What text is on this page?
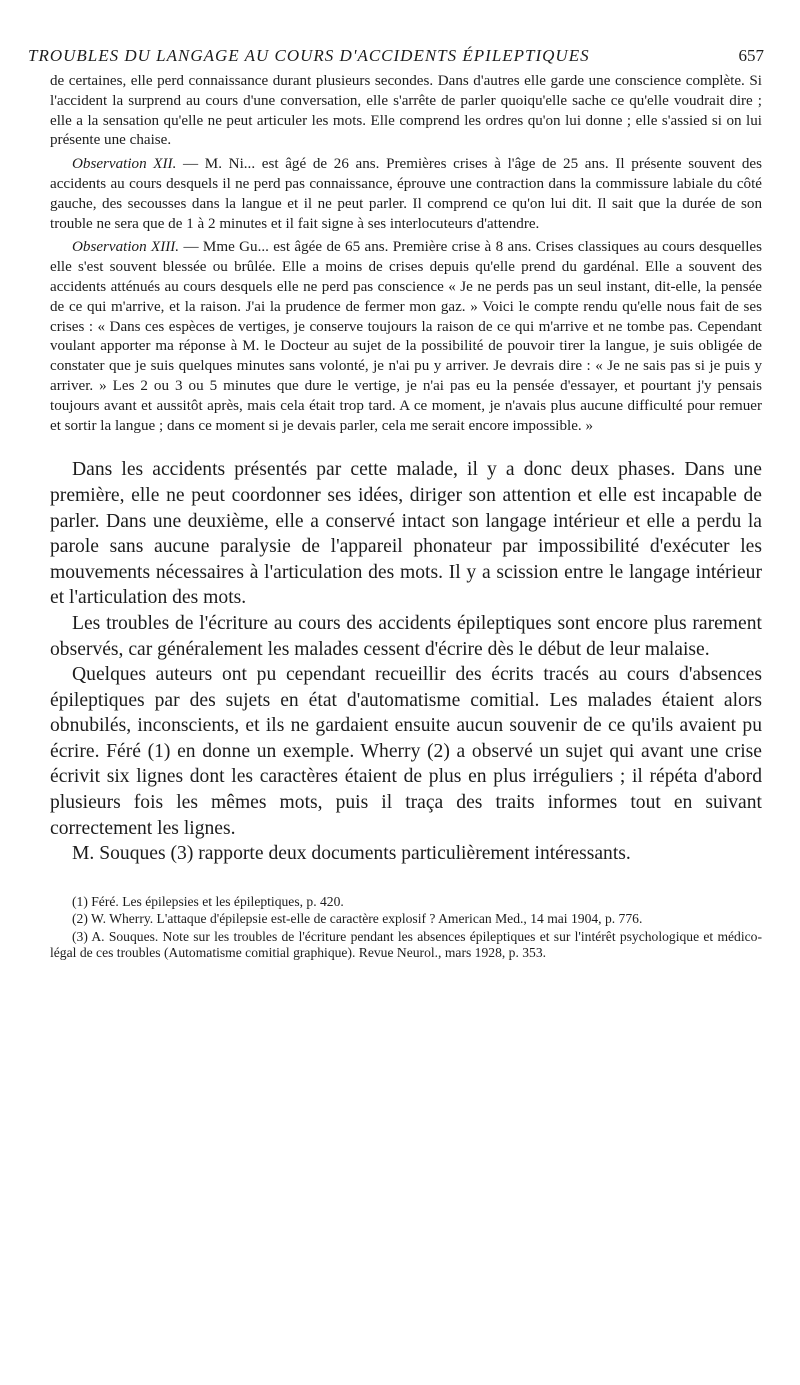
TROUBLES DU LANGAGE AU COURS D'ACCIDENTS ÉPILEPTIQUES	657

de certaines, elle perd connaissance durant plusieurs secondes. Dans d'autres elle garde une conscience complète. Si l'accident la surprend au cours d'une conversation, elle s'arrête de parler quoiqu'elle sache ce qu'elle voudrait dire ; elle a la sensation qu'elle ne peut articuler les mots. Elle comprend les ordres qu'on lui donne ; elle s'assied si on lui présente une chaise.

Observation XII. — M. Ni... est âgé de 26 ans. Premières crises à l'âge de 25 ans. Il présente souvent des accidents au cours desquels il ne perd pas connaissance, éprouve une contraction dans la commissure labiale du côté gauche, des secousses dans la langue et il ne peut parler. Il comprend ce qu'on lui dit. Il sait que la durée de son trouble ne sera que de 1 à 2 minutes et il fait signe à ses interlocuteurs d'attendre.

Observation XIII. — Mme Gu... est âgée de 65 ans. Première crise à 8 ans. Crises classiques au cours desquelles elle s'est souvent blessée ou brûlée. Elle a moins de crises depuis qu'elle prend du gardénal. Elle a souvent des accidents atténués au cours desquels elle ne perd pas conscience « Je ne perds pas un seul instant, dit-elle, la pensée de ce qui m'arrive, et la raison. J'ai la prudence de fermer mon gaz. » Voici le compte rendu qu'elle nous fait de ses crises : « Dans ces espèces de vertiges, je conserve toujours la raison de ce qui m'arrive et ne tombe pas. Cependant voulant apporter ma réponse à M. le Docteur au sujet de la possibilité de pouvoir tirer la langue, je suis obligée de constater que je suis quelques minutes sans volonté, je n'ai pu y arriver. Je devrais dire : « Je ne sais pas si je puis y arriver. » Les 2 ou 3 ou 5 minutes que dure le vertige, je n'ai pas eu la pensée d'essayer, et pourtant j'y pensais toujours avant et aussitôt après, mais cela était trop tard. A ce moment, je n'avais plus aucune difficulté pour remuer et sortir la langue ; dans ce moment si je devais parler, cela me serait encore impossible. »

Dans les accidents présentés par cette malade, il y a donc deux phases. Dans une première, elle ne peut coordonner ses idées, diriger son attention et elle est incapable de parler. Dans une deuxième, elle a conservé intact son langage intérieur et elle a perdu la parole sans aucune paralysie de l'appareil phonateur par impossibilité d'exécuter les mouvements nécessaires à l'articulation des mots. Il y a scission entre le langage intérieur et l'articulation des mots.

Les troubles de l'écriture au cours des accidents épileptiques sont encore plus rarement observés, car généralement les malades cessent d'écrire dès le début de leur malaise.

Quelques auteurs ont pu cependant recueillir des écrits tracés au cours d'absences épileptiques par des sujets en état d'automatisme comitial. Les malades étaient alors obnubilés, inconscients, et ils ne gardaient ensuite aucun souvenir de ce qu'ils avaient pu écrire. Féré (1) en donne un exemple. Wherry (2) a observé un sujet qui avant une crise écrivit six lignes dont les caractères étaient de plus en plus irréguliers ; il répéta d'abord plusieurs fois les mêmes mots, puis il traça des traits informes tout en suivant correctement les lignes.

M. Souques (3) rapporte deux documents particulièrement intéressants.

(1) Féré. Les épilepsies et les épileptiques, p. 420.

(2) W. Wherry. L'attaque d'épilepsie est-elle de caractère explosif ? American Med., 14 mai 1904, p. 776.

(3) A. Souques. Note sur les troubles de l'écriture pendant les absences épileptiques et sur l'intérêt psychologique et médico-légal de ces troubles (Automatisme comitial graphique). Revue Neurol., mars 1928, p. 353.
